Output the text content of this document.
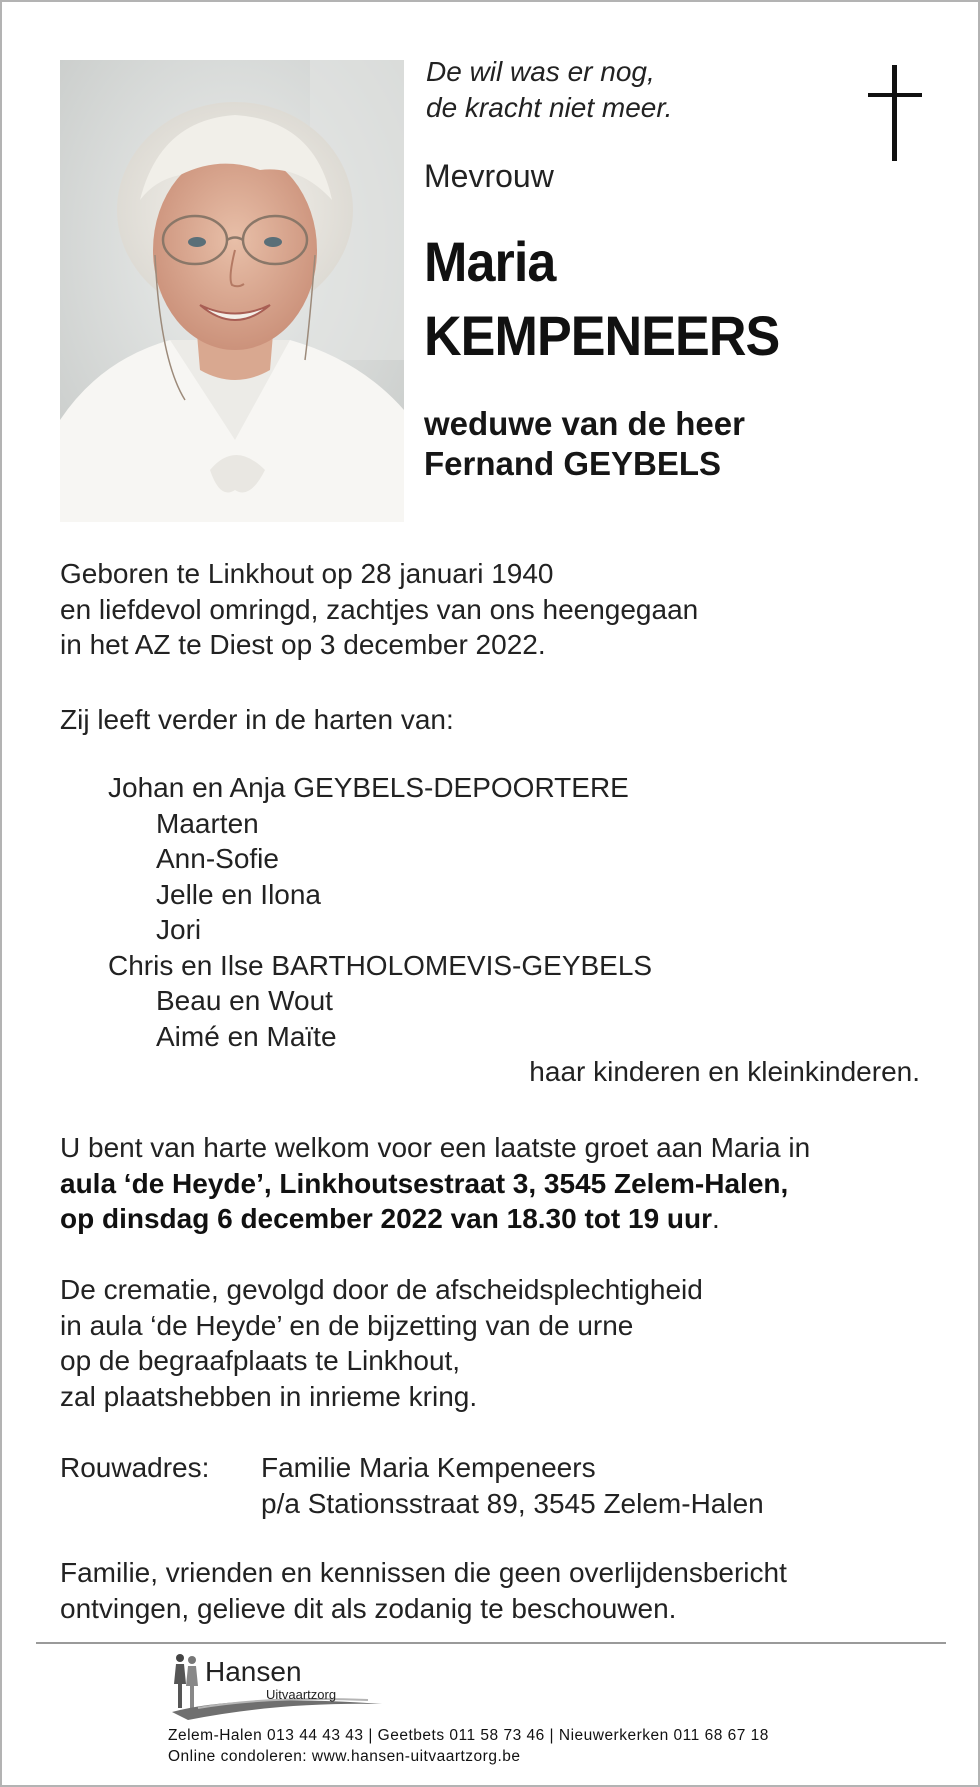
De wil was er nog,
de kracht niet meer.
Mevrouw
Maria
KEMPENEERS
weduwe van de heer
Fernand GEYBELS
Geboren te Linkhout op 28 januari 1940
en liefdevol omringd, zachtjes van ons heengegaan
in het AZ te Diest op 3 december 2022.
Zij leeft verder in de harten van:
Johan en Anja GEYBELS-DEPOORTERE
Maarten
Ann-Sofie
Jelle en Ilona
Jori
Chris en Ilse BARTHOLOMEVIS-GEYBELS
Beau en Wout
Aimé en Maïte
haar kinderen en kleinkinderen.
U bent van harte welkom voor een laatste groet aan Maria in
aula ‘de Heyde’, Linkhoutsestraat 3, 3545 Zelem-Halen,
op dinsdag 6 december 2022 van 18.30 tot 19 uur.
De crematie, gevolgd door de afscheidsplechtigheid
in aula ‘de Heyde’ en de bijzetting van de urne
op de begraafplaats te Linkhout,
zal plaatshebben in inrieme kring.
Rouwadres: Familie Maria Kempeneers
p/a Stationsstraat 89, 3545 Zelem-Halen
Familie, vrienden en kennissen die geen overlijdensbericht
ontvingen, gelieve dit als zodanig te beschouwen.
Hansen
Uitvaartzorg
Zelem-Halen 013 44 43 43 | Geetbets 011 58 73 46 | Nieuwerkerken 011 68 67 18
Online condoleren: www.hansen-uitvaartzorg.be
